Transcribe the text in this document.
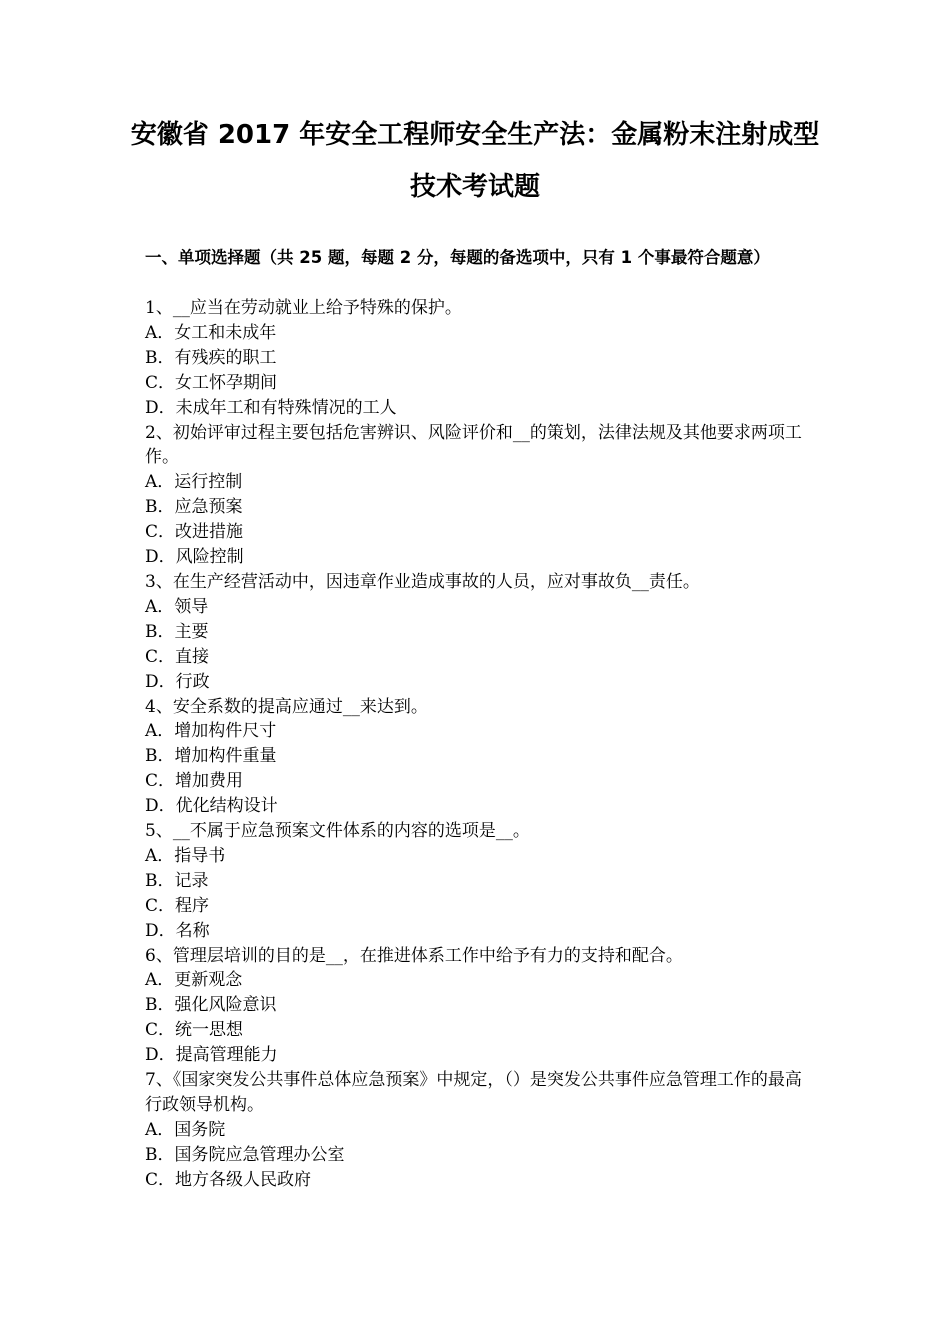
安徽省 2017 年安全工程师安全生产法：金属粉末注射成型
技术考试题
一、单项选择题（共 25 题，每题 2 分，每题的备选项中，只有 1 个事最符合题意）

1、__应当在劳动就业上给予特殊的保护。

A．女工和未成年

B．有残疾的职工

C．女工怀孕期间

D．未成年工和有特殊情况的工人

2、初始评审过程主要包括危害辨识、风险评价和__的策划，法律法规及其他要求两项工作。

A．运行控制

B．应急预案

C．改进措施

D．风险控制

3、在生产经营活动中，因违章作业造成事故的人员，应对事故负__责任。

A．领导

B．主要

C．直接

D．行政

4、安全系数的提高应通过__来达到。

A．增加构件尺寸

B．增加构件重量

C．增加费用

D．优化结构设计

5、__不属于应急预案文件体系的内容的选项是__。

A．指导书

B．记录

C．程序

D．名称

6、管理层培训的目的是__，在推进体系工作中给予有力的支持和配合。

A．更新观念

B．强化风险意识

C．统一思想

D．提高管理能力

7、《国家突发公共事件总体应急预案》中规定，（）是突发公共事件应急管理工作的最高行政领导机构。

A．国务院

B．国务院应急管理办公室

C．地方各级人民政府
